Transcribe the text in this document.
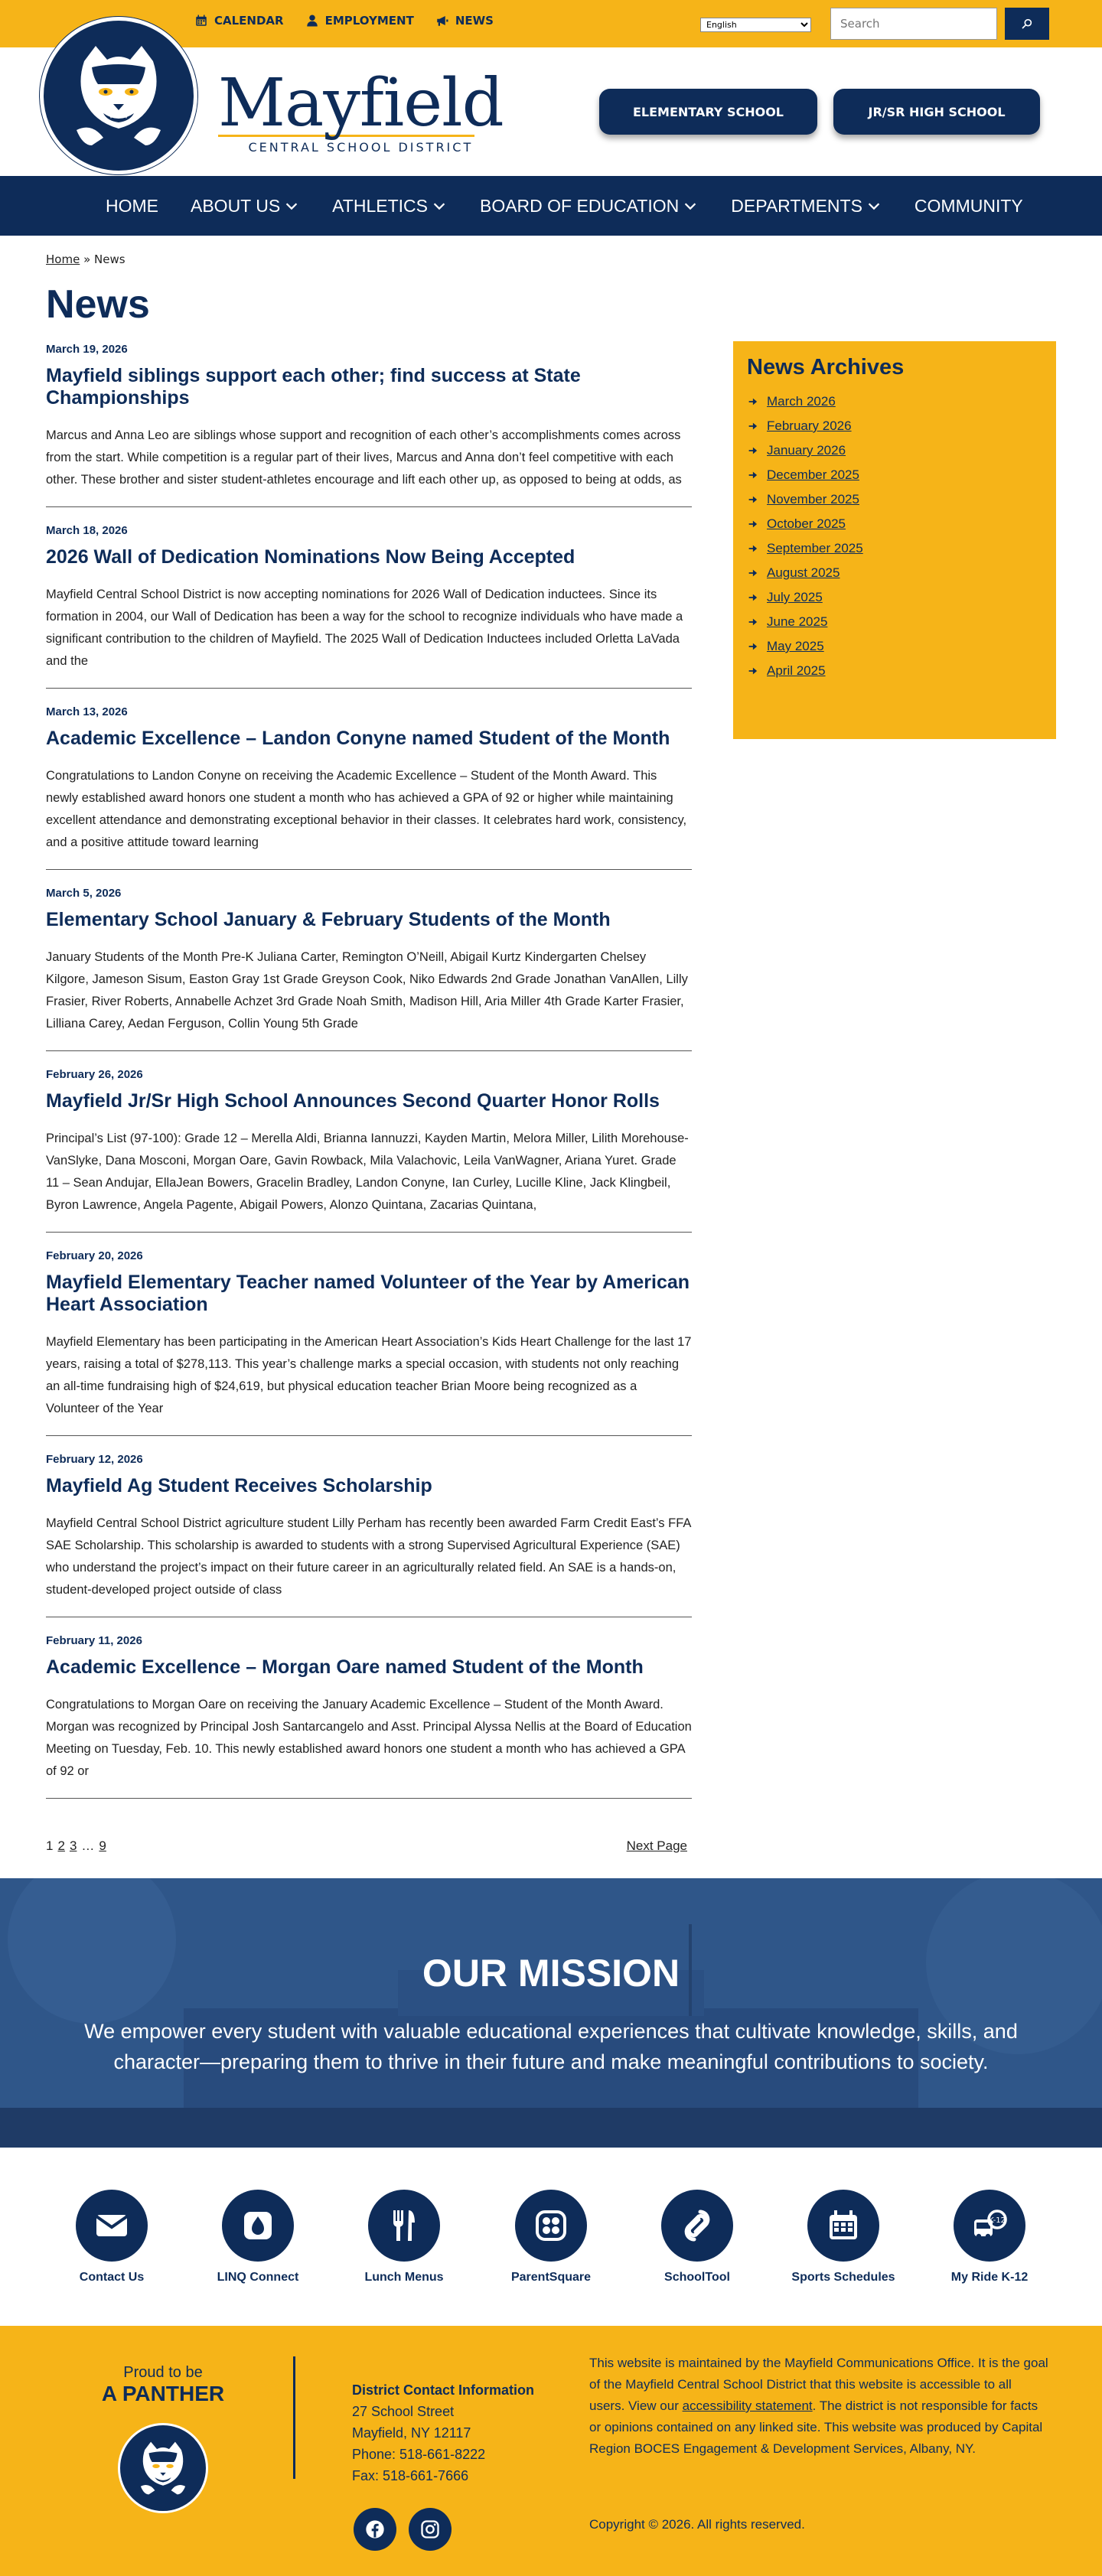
CALENDAR	EMPLOYMENT	NEWS
English
Search
Mayfield
CENTRAL SCHOOL DISTRICT
ELEMENTARY SCHOOL	JR/SR HIGH SCHOOL
HOME ABOUT US	ATHLETICS	BOARD OF EDUCATION	DEPARTMENTS	COMMUNITY
Home » News
News
March 19, 2026
Mayfield siblings support each other; find success at State Championships
Marcus and Anna Leo are siblings whose support and recognition of each other’s accomplishments comes across from the start. While competition is a regular part of their lives, Marcus and Anna don’t feel competitive with each other. These brother and sister student-athletes encourage and lift each other up, as opposed to being at odds, as
March 18, 2026
2026 Wall of Dedication Nominations Now Being Accepted
Mayfield Central School District is now accepting nominations for 2026 Wall of Dedication inductees. Since its formation in 2004, our Wall of Dedication has been a way for the school to recognize individuals who have made a significant contribution to the children of Mayfield. The 2025 Wall of Dedication Inductees included Orletta LaVada and the
March 13, 2026
Academic Excellence – Landon Conyne named Student of the Month
Congratulations to Landon Conyne on receiving the Academic Excellence – Student of the Month Award. This newly established award honors one student a month who has achieved a GPA of 92 or higher while maintaining excellent attendance and demonstrating exceptional behavior in their classes. It celebrates hard work, consistency, and a positive attitude toward learning
March 5, 2026
Elementary School January & February Students of the Month
January Students of the Month Pre-K Juliana Carter, Remington O’Neill, Abigail Kurtz Kindergarten Chelsey Kilgore, Jameson Sisum, Easton Gray 1st Grade Greyson Cook, Niko Edwards 2nd Grade Jonathan VanAllen, Lilly Frasier, River Roberts, Annabelle Achzet 3rd Grade Noah Smith, Madison Hill, Aria Miller 4th Grade Karter Frasier, Lilliana Carey, Aedan Ferguson, Collin Young 5th Grade
February 26, 2026
Mayfield Jr/Sr High School Announces Second Quarter Honor Rolls
Principal’s List (97-100): Grade 12 – Merella Aldi, Brianna Iannuzzi, Kayden Martin, Melora Miller, Lilith Morehouse-VanSlyke, Dana Mosconi, Morgan Oare, Gavin Rowback, Mila Valachovic, Leila VanWagner, Ariana Yuret. Grade 11 – Sean Andujar, EllaJean Bowers, Gracelin Bradley, Landon Conyne, Ian Curley, Lucille Kline, Jack Klingbeil, Byron Lawrence, Angela Pagente, Abigail Powers, Alonzo Quintana, Zacarias Quintana,
February 20, 2026
Mayfield Elementary Teacher named Volunteer of the Year by American Heart Association
Mayfield Elementary has been participating in the American Heart Association’s Kids Heart Challenge for the last 17 years, raising a total of $278,113. This year’s challenge marks a special occasion, with students not only reaching an all-time fundraising high of $24,619, but physical education teacher Brian Moore being recognized as a Volunteer of the Year
February 12, 2026
Mayfield Ag Student Receives Scholarship
Mayfield Central School District agriculture student Lilly Perham has recently been awarded Farm Credit East’s FFA SAE Scholarship. This scholarship is awarded to students with a strong Supervised Agricultural Experience (SAE) who understand the project’s impact on their future career in an agriculturally related field. An SAE is a hands-on, student-developed project outside of class
February 11, 2026
Academic Excellence – Morgan Oare named Student of the Month
Congratulations to Morgan Oare on receiving the January Academic Excellence – Student of the Month Award. Morgan was recognized by Principal Josh Santarcangelo and Asst. Principal Alyssa Nellis at the Board of Education Meeting on Tuesday, Feb. 10. This newly established award honors one student a month who has achieved a GPA of 92 or
1 2 3 … 9	Next Page
News Archives
March 2026
February 2026
January 2026
December 2025
November 2025
October 2025
September 2025
August 2025
July 2025
June 2025
May 2025
April 2025
OUR MISSION

We empower every student with valuable educational experiences that cultivate knowledge, skills, and character—preparing them to thrive in their future and make meaningful contributions to society.

Contact Us	LINQ Connect	Lunch Menus	ParentSquare	SchoolTool	Sports Schedules
K-12
My Ride K-12
Proud to be
A PANTHER	District Contact Information
27 School Street
Mayfield, NY 12117
Phone: 518-661-8222
Fax: 518-661-7666
This website is maintained by the Mayfield Communications Office. It is the goal of the Mayfield Central School District that this website is accessible to all users. View our accessibility statement. The district is not responsible for facts or opinions contained on any linked site. This website was produced by Capital Region BOCES Engagement & Development Services, Albany, NY.
Copyright © 2026. All rights reserved.
